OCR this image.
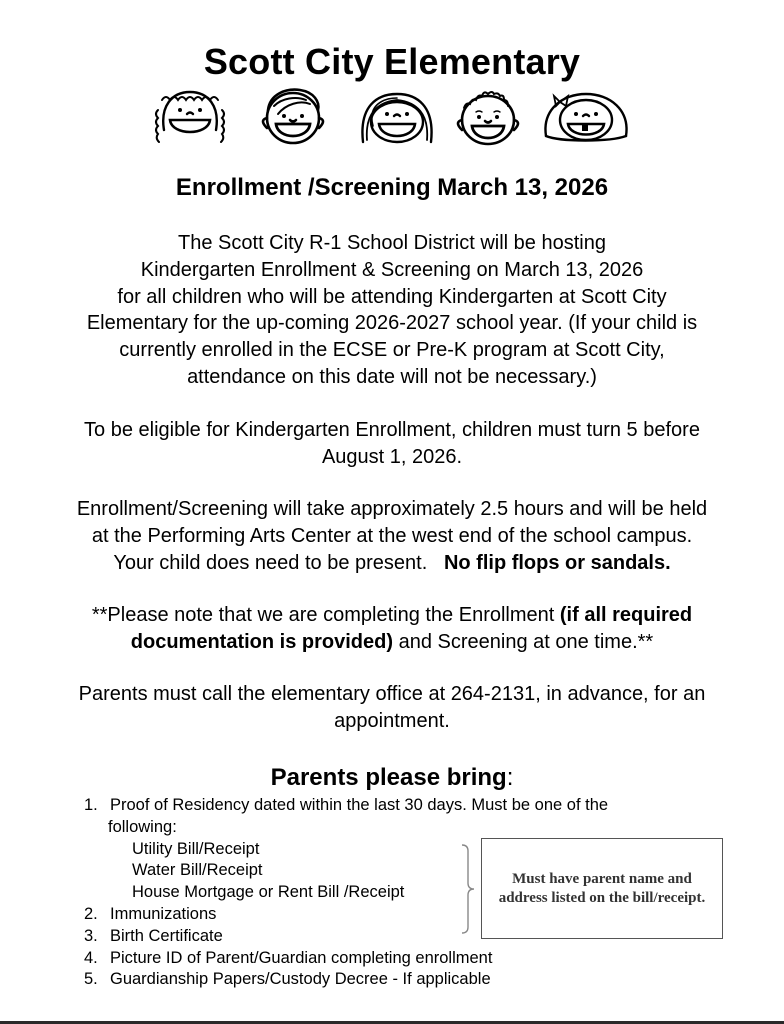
Scott City Elementary
Enrollment /Screening March 13, 2026
The Scott City R-1 School District will be hosting
Kindergarten Enrollment & Screening on March 13, 2026
for all children who will be attending Kindergarten at Scott City
Elementary for the up-coming 2026-2027 school year. (If your child is
currently enrolled in the ECSE or Pre-K program at Scott City,
attendance on this date will not be necessary.)
To be eligible for Kindergarten Enrollment, children must turn 5 before
August 1, 2026.
Enrollment/Screening will take approximately 2.5 hours and will be held
at the Performing Arts Center at the west end of the school campus.
Your child does need to be present.   No flip flops or sandals.
**Please note that we are completing the Enrollment (if all required documentation is provided) and Screening at one time.**
Parents must call the elementary office at 264-2131, in advance, for an
appointment.
Parents please bring:
1. Proof of Residency dated within the last 30 days. Must be one of the
following:
Utility Bill/Receipt
Water Bill/Receipt
House Mortgage or Rent Bill /Receipt
2. Immunizations
3. Birth Certificate
4. Picture ID of Parent/Guardian completing enrollment
5. Guardianship Papers/Custody Decree - If applicable
Must have parent name and address listed on the bill/receipt.
